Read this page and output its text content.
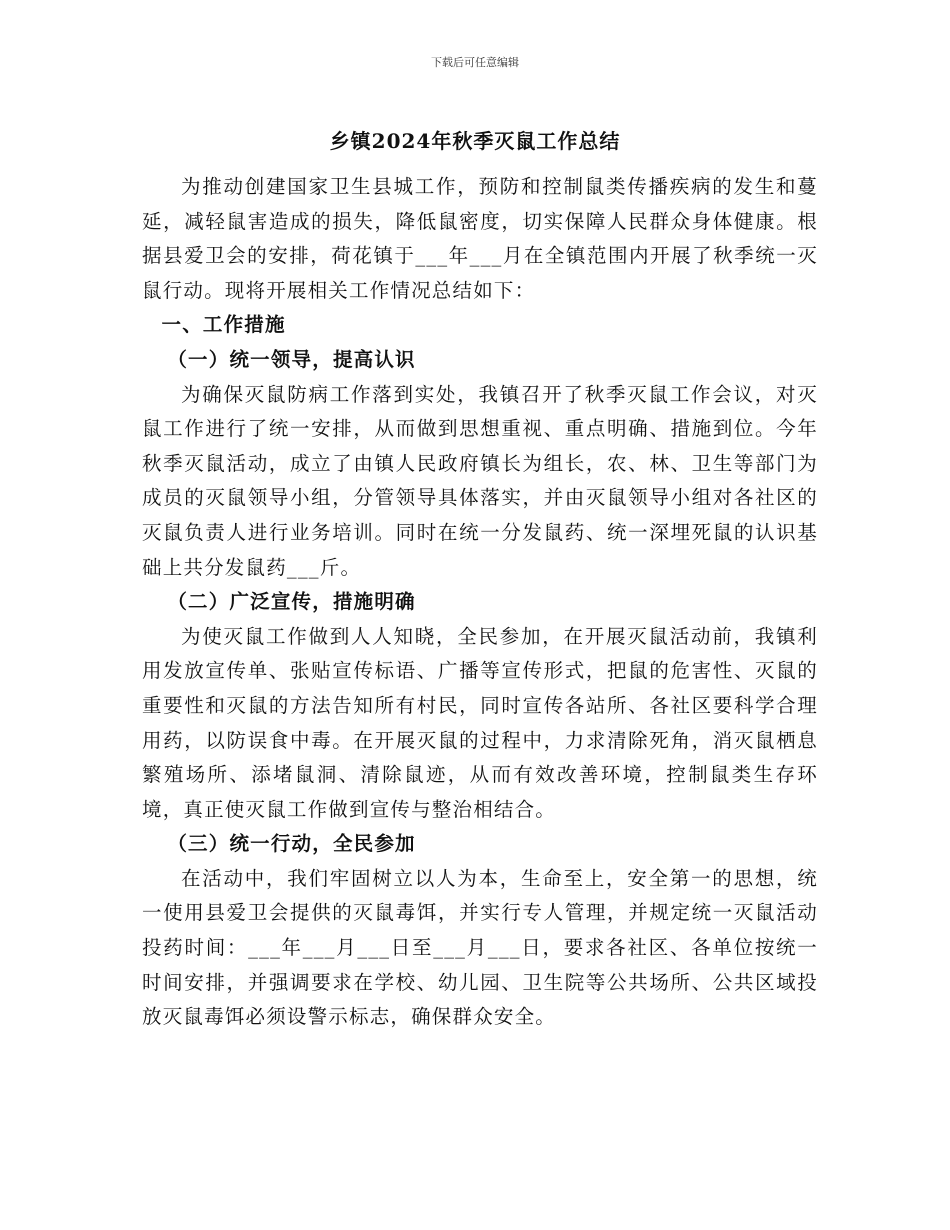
下载后可任意编辑
乡镇2024年秋季灭鼠工作总结

为推动创建国家卫生县城工作，预防和控制鼠类传播疾病的发生和蔓延，减轻鼠害造成的损失，降低鼠密度，切实保障人民群众身体健康。根据县爱卫会的安排，荷花镇于___年___月在全镇范围内开展了秋季统一灭鼠行动。现将开展相关工作情况总结如下：

一、工作措施
（一）统一领导，提高认识

为确保灭鼠防病工作落到实处，我镇召开了秋季灭鼠工作会议，对灭鼠工作进行了统一安排，从而做到思想重视、重点明确、措施到位。今年秋季灭鼠活动，成立了由镇人民政府镇长为组长，农、林、卫生等部门为成员的灭鼠领导小组，分管领导具体落实，并由灭鼠领导小组对各社区的灭鼠负责人进行业务培训。同时在统一分发鼠药、统一深埋死鼠的认识基础上共分发鼠药___斤。

（二）广泛宣传，措施明确

为使灭鼠工作做到人人知晓，全民参加，在开展灭鼠活动前，我镇利用发放宣传单、张贴宣传标语、广播等宣传形式，把鼠的危害性、灭鼠的重要性和灭鼠的方法告知所有村民，同时宣传各站所、各社区要科学合理用药，以防误食中毒。在开展灭鼠的过程中，力求清除死角，消灭鼠栖息繁殖场所、添堵鼠洞、清除鼠迹，从而有效改善环境，控制鼠类生存环境，真正使灭鼠工作做到宣传与整治相结合。

（三）统一行动，全民参加

在活动中，我们牢固树立以人为本，生命至上，安全第一的思想，统一使用县爱卫会提供的灭鼠毒饵，并实行专人管理，并规定统一灭鼠活动投药时间：___年___月___日至___月___日，要求各社区、各单位按统一时间安排，并强调要求在学校、幼儿园、卫生院等公共场所、公共区域投放灭鼠毒饵必须设警示标志，确保群众安全。
